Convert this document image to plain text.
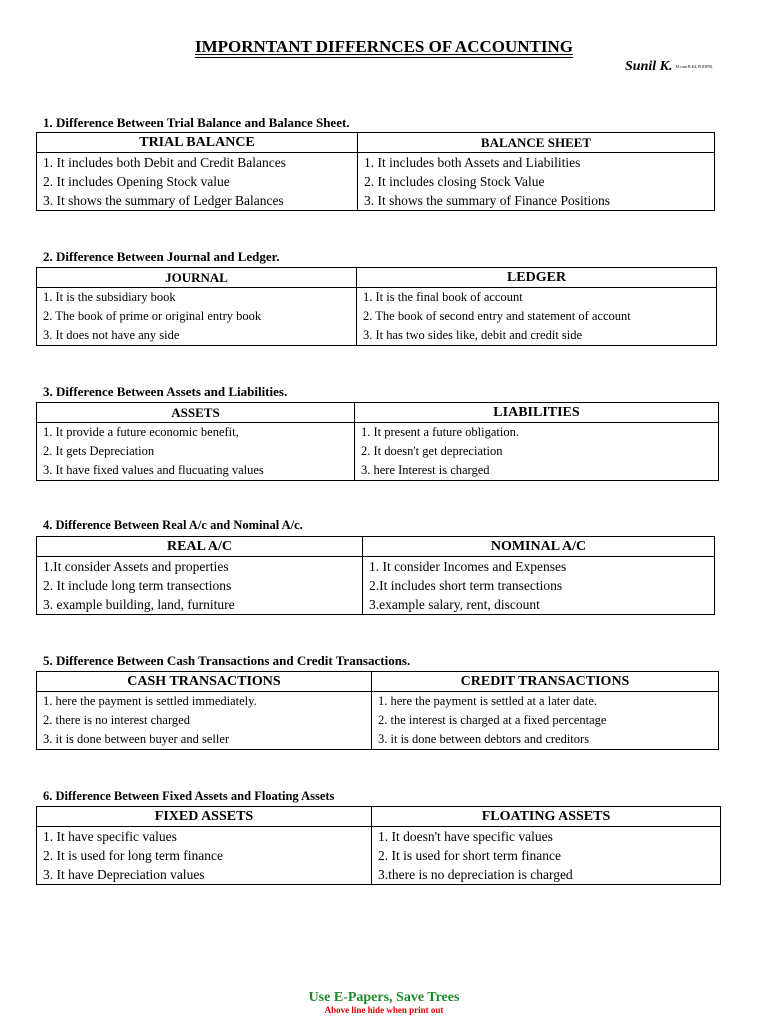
IMPORNTANT DIFFERNCES OF ACCOUNTING
Sunil K. M.com B.Ed, PGDFM.
1. Difference Between Trial Balance and Balance Sheet.
TRIAL BALANCE	BALANCE SHEET
1. It includes both Debit and Credit Balances	1. It includes both Assets and Liabilities
2. It includes Opening Stock value	2. It includes closing Stock Value
3. It shows the summary of Ledger Balances	3. It shows the summary of Finance Positions
2. Difference Between Journal and Ledger.
JOURNAL	LEDGER
1. It is the subsidiary book	1. It is the final book of account
2. The book of prime or original entry book	2. The book of second entry and statement of account
3. It does not have any side	3. It has two sides like, debit and credit side
3. Difference Between Assets and Liabilities.
ASSETS	LIABILITIES
1. It provide a future economic benefit,	1. It present a future obligation.
2. It gets Depreciation	2. It doesn't get depreciation
3. It have fixed values and flucuating values	3. here Interest is charged
4. Difference Between Real A/c and Nominal A/c.
REAL A/C	NOMINAL A/C
1.It consider Assets and properties	1. It consider Incomes and Expenses
2. It include long term transections	2.It includes short term transections
3. example building, land, furniture	3.example salary, rent, discount
5. Difference Between Cash Transactions and Credit Transactions.
CASH TRANSACTIONS	CREDIT TRANSACTIONS
1. here the payment is settled immediately.	1. here the payment is settled at a later date.
2. there is no interest charged	2. the interest is charged at a fixed percentage
3. it is done between buyer and seller	3. it is done between debtors and creditors
6. Difference Between Fixed Assets and Floating Assets
FIXED ASSETS	FLOATING ASSETS
1. It have specific values	1. It doesn't have specific values
2. It is used for long term finance	2. It is used for short term finance
3. It have Depreciation values	3.there is no depreciation is charged
Use E-Papers, Save Trees
Above line hide when print out
